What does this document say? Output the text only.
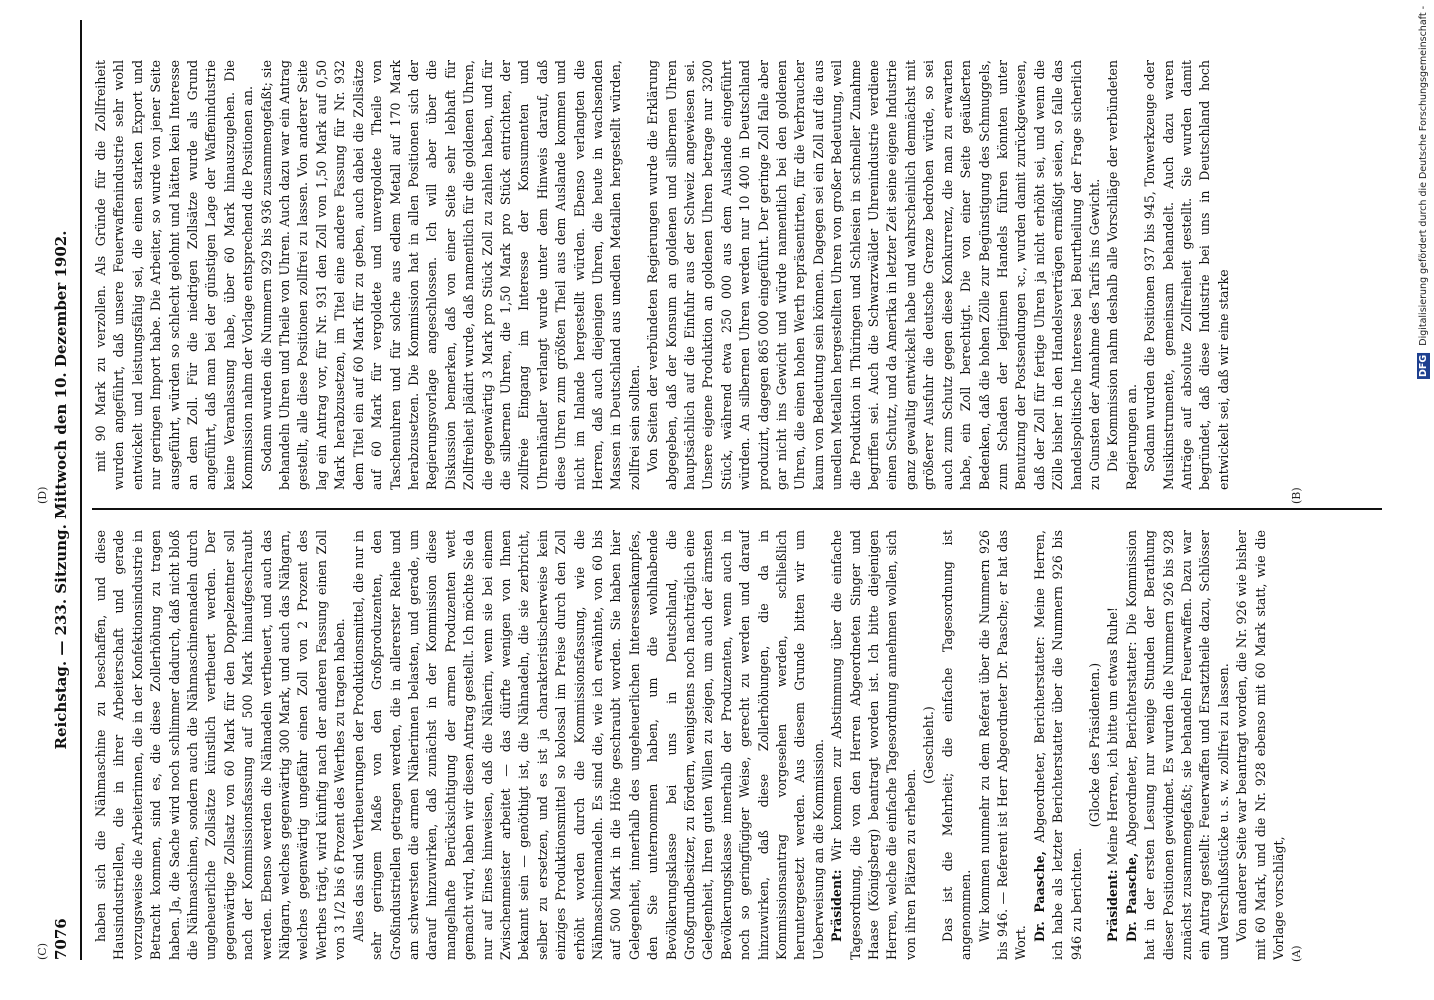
7076
Reichstag. — 233. Sitzung. Mittwoch den 10. Dezember 1902. haben sich die Nähmaschine zu beschaffen, und diese Hausindustriellen, die in ihrer Arbeiterschaft und gerade vorzugsweise die Arbeiterinnen, die in der Konfektionsindustrie in Betracht kommen, sind es, die diese Zollerhöhung zu tragen haben. Ja, die Sache wird noch schlimmer dadurch, daß nicht bloß die Nähmaschinen, sondern auch die Nähmaschinennadeln durch ungeheuerliche Zollsätze künstlich vertheuert werden. Der gegenwärtige Zollsatz von 60 Mark für den Doppelzentner soll nach der Kommissionsfassung auf 500 Mark hinaufgeschraubt werden. Ebenso werden die Nähnadeln vertheuert, und auch das Nähgarn, welches gegenwärtig 300 Mark, und auch das Nähgarn, welches gegenwärtig ungefähr einen Zoll von 2 Prozent des Werthes trägt, wird künftig nach der anderen Fassung einen Zoll von 3 1/2 bis 6 Prozent des Werthes zu tragen haben. Alles das sind Vertheuerungen der Produktionsmittel, die nur in sehr geringem Maße von den Großproduzenten, den Großindustriellen getragen werden, die in allererster Reihe und am schwersten die armen Näherinnen belasten, und gerade, um darauf hinzuwirken, daß zunächst in der Kommission diese mangelhafte Berücksichtigung der armen Produzenten wett gemacht wird, haben wir diesen Antrag gestellt. Ich möchte Sie da nur auf Eines hinweisen, daß die Näherin, wenn sie bei einem Zwischenmeister arbeitet — das dürfte wenigen von Ihnen bekannt sein — genöthigt ist, die Nähnadeln, die sie zerbricht, selber zu ersetzen, und es ist ja charakteristischerweise kein einziges Produktionsmittel so kolossal im Preise durch den Zoll erhöht worden durch die Kommissionsfassung, wie die Nähmaschinennadeln. Es sind die, wie ich erwähnte, von 60 bis auf 500 Mark in die Höhe geschraubt worden. Sie haben hier Gelegenheit, innerhalb des ungeheuerlichen Interessenkampfes, den Sie unternommen haben, um die wohlhabende Bevölkerungsklasse bei uns in Deutschland, die Großgrundbesitzer, zu fördern, wenigstens noch nachträglich eine Gelegenheit, Ihren guten Willen zu zeigen, um auch der ärmsten Bevölkerungsklasse innerhalb der Produzenten, wenn auch in noch so geringfügiger Weise, gerecht zu werden und darauf hinzuwirken, daß diese Zollerhöhungen, die da in Kommissionsantrag vorgesehen werden, schließlich heruntergesetzt werden. Aus diesem Grunde bitten wir um Ueberweisung an die Kommission. Präsident: Wir kommen zur Abstimmung über die einfache Tagesordnung, die von den Herren Abgeordneten Singer und Haase (Königsberg) beantragt worden ist. Ich bitte diejenigen Herren, welche die einfache Tagesordnung annehmen wollen, sich von ihren Plätzen zu erheben.

(Geschieht.) Das ist die Mehrheit; die einfache Tagesordnung ist angenommen. Wir kommen nunmehr zu dem Referat über die Nummern 926 bis 946. — Referent ist Herr Abgeordneter Dr. Paasche; er hat das Wort.

Dr. Paasche, Abgeordneter, Berichterstatter: Meine Herren, ich habe als letzter Berichterstatter über die Nummern 926 bis 946 zu berichten.

(Glocke des Präsidenten.)

Präsident: Meine Herren, ich bitte um etwas Ruhe!

Dr. Paasche, Abgeordneter, Berichterstatter: Die Kommission hat in der ersten Lesung nur wenige Stunden der Berathung dieser Positionen gewidmet. Es wurden die Nummern 926 bis 928 zunächst zusammengefaßt; sie behandeln Feuerwaffen. Dazu war ein Antrag gestellt: Feuerwaffen und Ersatztheile dazu, Schlösser und Verschlußstücke u. s. w. zollfrei zu lassen. Von anderer Seite war beantragt worden, die Nr. 926 wie bisher mit 60 Mark, und die Nr. 928 ebenso mit 60 Mark statt, wie die Vorlage vorschlägt,

mit 90 Mark zu verzollen. Als Gründe für die Zollfreiheit wurden angeführt, daß unsere Feuerwaffenindustrie sehr wohl entwickelt und leistungsfähig sei, die einen starken Export und nur geringen Import habe. Die Arbeiter, so wurde von jener Seite ausgeführt, würden so schlecht gelohnt und hätten kein Interesse an dem Zoll. Für die niedrigen Zollsätze wurde als Grund angeführt, daß man bei der günstigen Lage der Waffenindustrie keine Veranlassung habe, über 60 Mark hinauszugehen. Die Kommission nahm der Vorlage entsprechend die Positionen an. Sodann wurden die Nummern 929 bis 936 zusammengefaßt; sie behandeln Uhren und Theile von Uhren. Auch dazu war ein Antrag gestellt, alle diese Positionen zollfrei zu lassen. Von anderer Seite lag ein Antrag vor, für Nr. 931 den Zoll von 1,50 Mark auf 0,50 Mark herabzusetzen, im Titel eine andere Fassung für Nr. 932 dem Titel ein auf 60 Mark für zu geben, auch dabei die Zollsätze auf 60 Mark für vergoldete und unvergoldete Theile von Taschenuhren und für solche aus edlem Metall auf 170 Mark herabzusetzen. Die Kommission hat in allen Positionen sich der Regierungsvorlage angeschlossen. Ich will aber über die Diskussion bemerken, daß von einer Seite sehr lebhaft für Zollfreiheit plädirt wurde, daß namentlich für die goldenen Uhren, die gegenwärtig 3 Mark pro Stück Zoll zu zahlen haben, und für die silbernen Uhren, die 1,50 Mark pro Stück entrichten, der zollfreie Eingang im Interesse der Konsumenten und Uhrenhändler verlangt wurde unter dem Hinweis darauf, daß diese Uhren zum größten Theil aus dem Auslande kommen und nicht im Inlande hergestellt würden. Ebenso verlangten die Herren, daß auch diejenigen Uhren, die heute in wachsenden Massen in Deutschland aus unedlen Metallen hergestellt würden, zollfrei sein sollten. Von Seiten der verbündeten Regierungen wurde die Erklärung abgegeben, daß der Konsum an goldenen und silbernen Uhren hauptsächlich auf die Einfuhr aus der Schweiz angewiesen sei. Unsere eigene Produktion an goldenen Uhren betrage nur 3200 Stück, während etwa 250 000 aus dem Auslande eingeführt würden. An silbernen Uhren werden nur 10 400 in Deutschland produzirt, dagegen 865 000 eingeführt. Der geringe Zoll falle aber gar nicht ins Gewicht und würde namentlich bei den goldenen Uhren, die einen hohen Werth repräsentirten, für die Verbraucher kaum von Bedeutung sein können. Dagegen sei ein Zoll auf die aus unedlen Metallen hergestellten Uhren von großer Bedeutung, weil die Produktion in Thüringen und Schlesien in schneller Zunahme begriffen sei. Auch die Schwarzwälder Uhrenindustrie verdiene einen Schutz, und da Amerika in letzter Zeit seine eigene Industrie ganz gewaltig entwickelt habe und wahrscheinlich demnächst mit größerer Ausfuhr die deutsche Grenze bedrohen würde, so sei auch zum Schutz gegen diese Konkurrenz, die man zu erwarten habe, ein Zoll berechtigt. Die von einer Seite geäußerten Bedenken, daß die hohen Zölle zur Begünstigung des Schmuggels, zum Schaden der legitimen Handels führen könnten unter Benutzung der Postsendungen ꝛc., wurden damit zurückgewiesen, daß der Zoll für fertige Uhren ja nicht erhöht sei, und wenn die Zölle bisher in den Handelsverträgen ermäßigt seien, so falle das handelspolitische Interesse bei Beurtheilung der Frage sicherlich zu Gunsten der Annahme des Tarifs ins Gewicht. Die Kommission nahm deshalb alle Vorschläge der verbündeten Regierungen an. Sodann wurden die Positionen 937 bis 945, Tonwerkzeuge oder Musikinstrumente, gemeinsam behandelt. Auch dazu waren Anträge auf absolute Zollfreiheit gestellt. Sie wurden damit begründet, daß diese Industrie bei uns in Deutschland hoch entwickelt sei, daß wir eine starke

(A)
(B)
(C)
(D)
DFG Digitalisierung gefördert durch die Deutsche Forschungsgemeinschaft -
